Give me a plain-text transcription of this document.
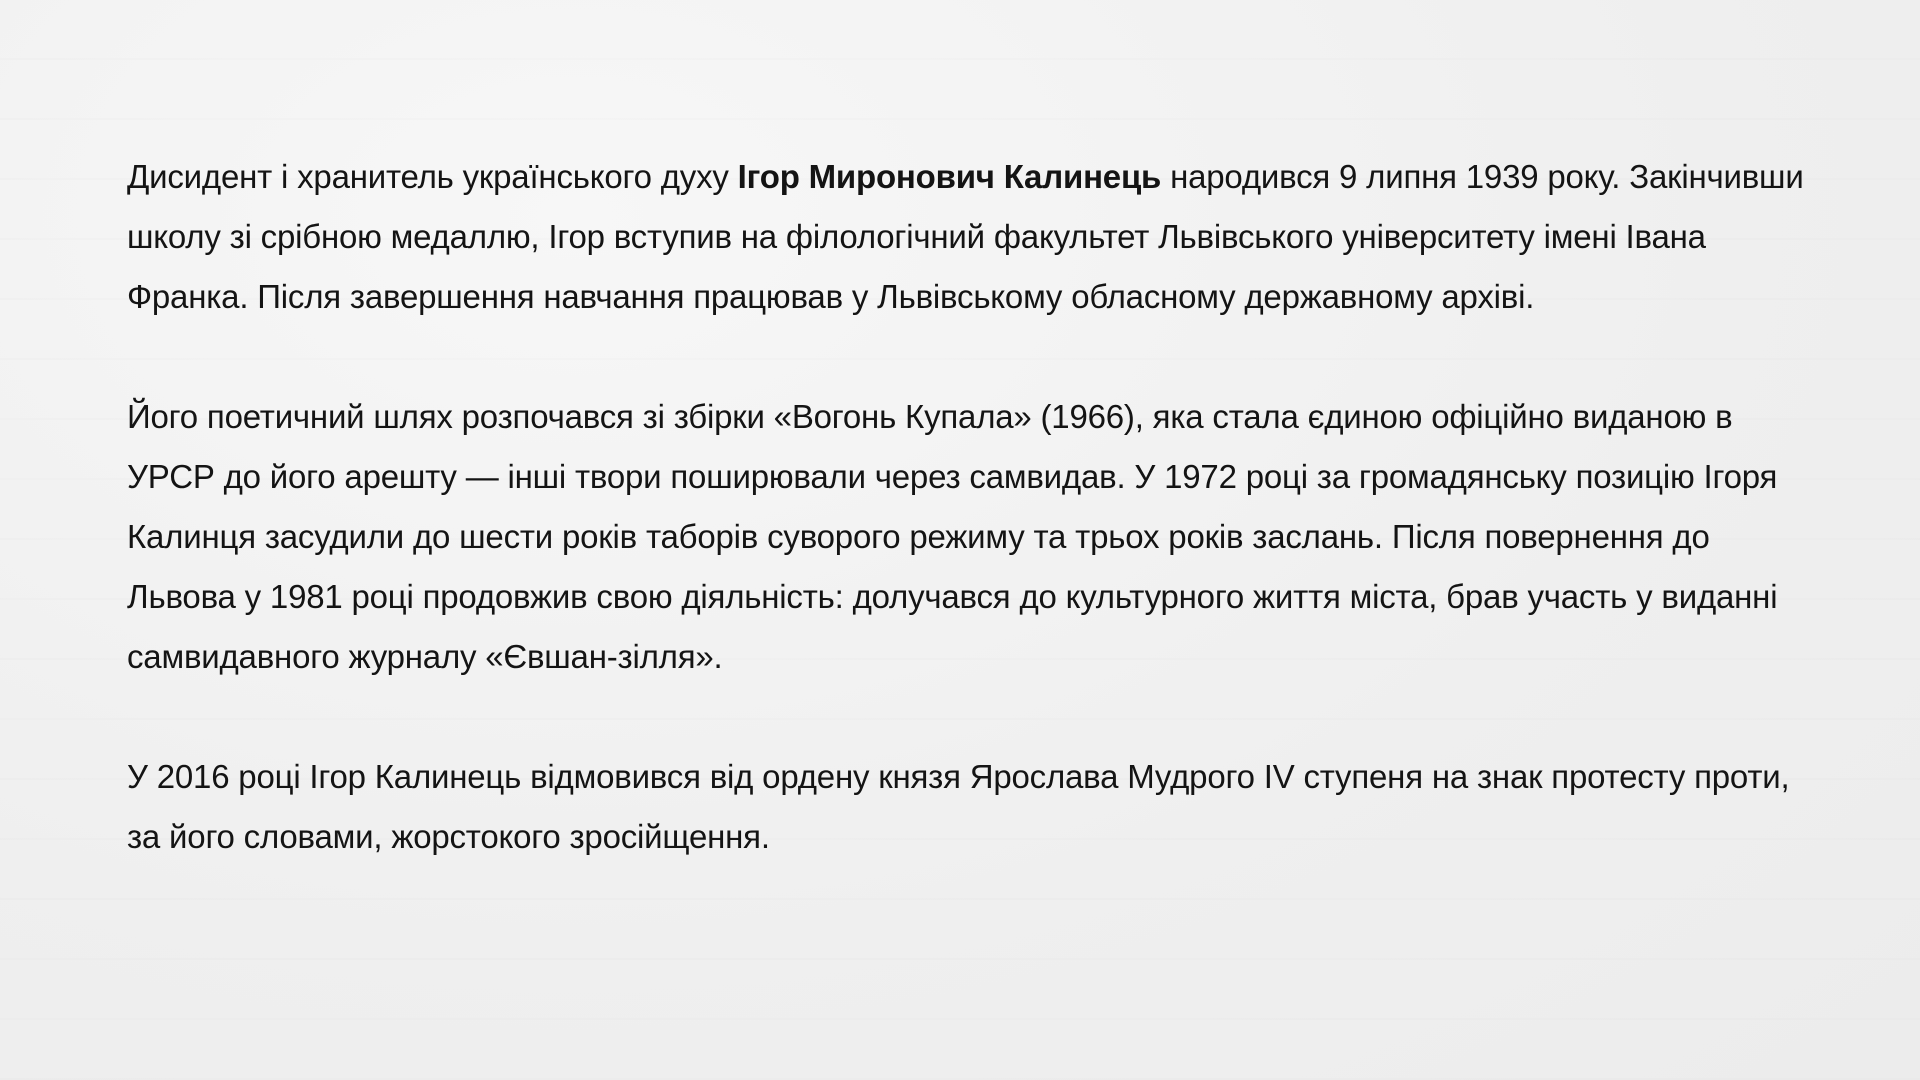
Дисидент і хранитель українського духу Ігор Миронович Калинець народився 9 липня 1939 року. Закінчивши школу зі срібною медаллю, Ігор вступив на філологічний факультет Львівського університету імені Івана Франка. Після завершення навчання працював у Львівському обласному державному архіві.

Його поетичний шлях розпочався зі збірки «Вогонь Купала» (1966), яка стала єдиною офіційно виданою в УРСР до його арешту — інші твори поширювали через самвидав. У 1972 році за громадянську позицію Ігоря Калинця засудили до шести років таборів суворого режиму та трьох років заслань. Після повернення до Львова у 1981 році продовжив свою діяльність: долучався до культурного життя міста, брав участь у виданні самвидавного журналу «Євшан-зілля».

У 2016 році Ігор Калинець відмовився від ордену князя Ярослава Мудрого IV ступеня на знак протесту проти, за його словами, жорстокого зросійщення.
